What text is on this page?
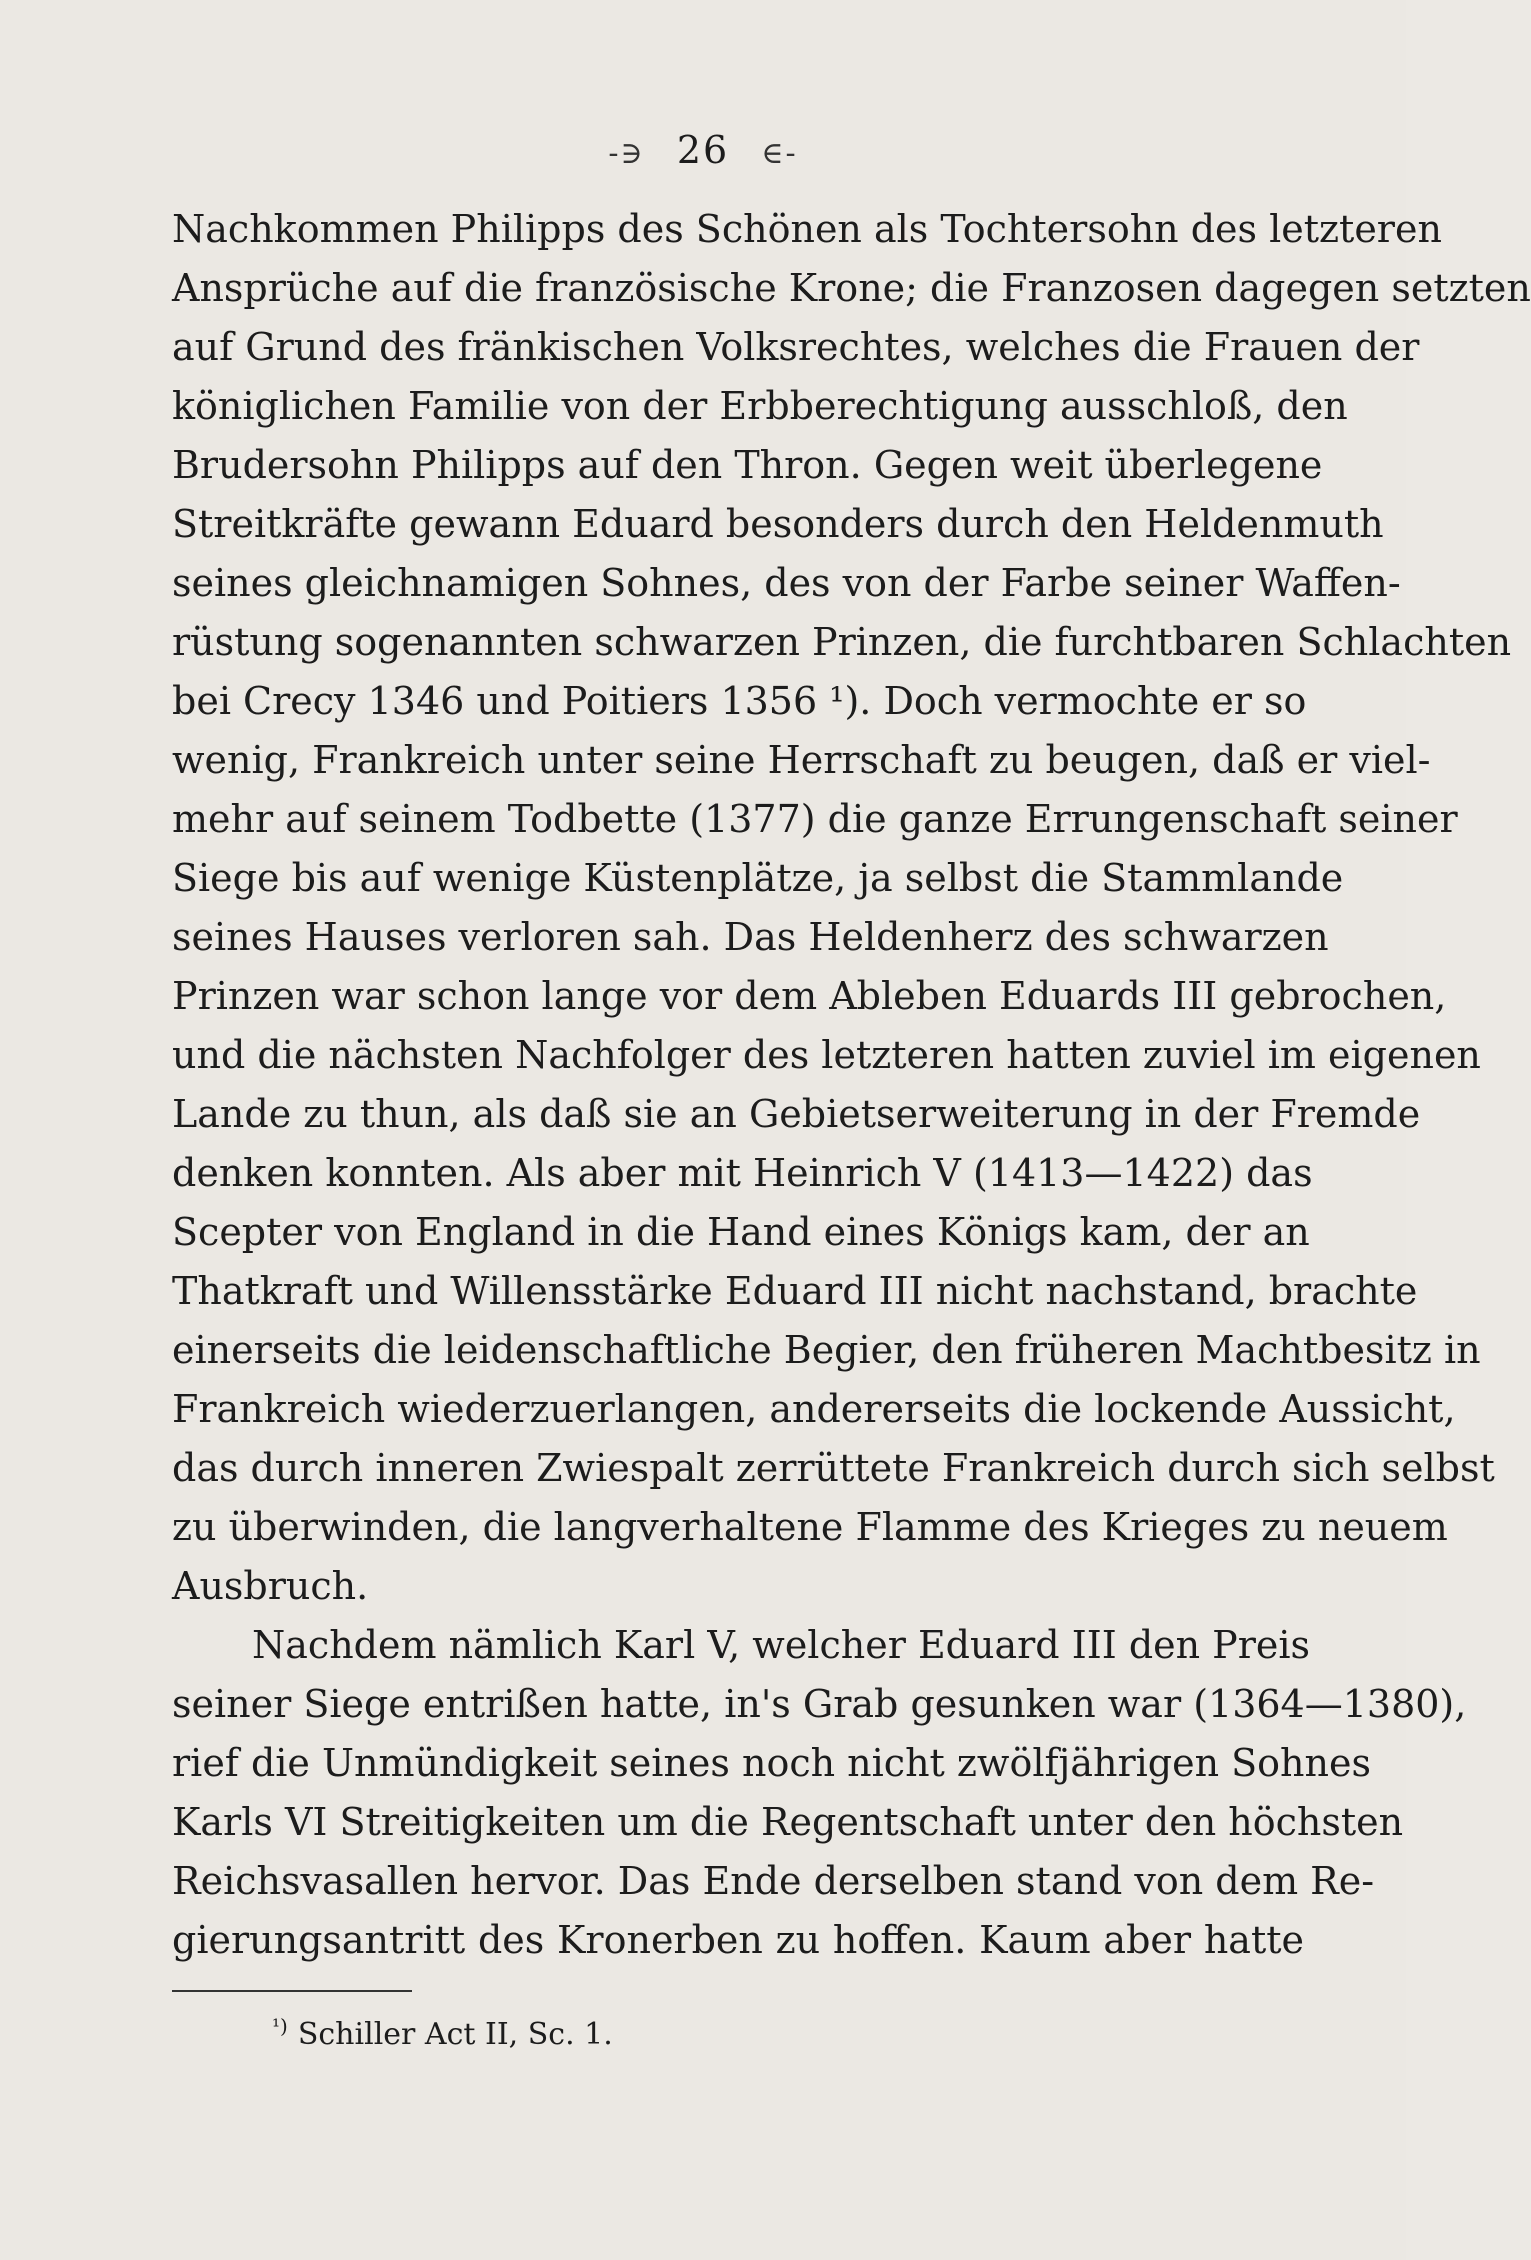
-∋ 26 ∈-
Nachkommen Philipps des Schönen als Tochtersohn des letzteren
Ansprüche auf die französische Krone; die Franzosen dagegen setzten
auf Grund des fränkischen Volksrechtes, welches die Frauen der
königlichen Familie von der Erbberechtigung ausschloß, den
Brudersohn Philipps auf den Thron. Gegen weit überlegene
Streitkräfte gewann Eduard besonders durch den Heldenmuth
seines gleichnamigen Sohnes, des von der Farbe seiner Waffen-
rüstung sogenannten schwarzen Prinzen, die furchtbaren Schlachten
bei Crecy 1346 und Poitiers 1356 ¹). Doch vermochte er so
wenig, Frankreich unter seine Herrschaft zu beugen, daß er viel-
mehr auf seinem Todbette (1377) die ganze Errungenschaft seiner
Siege bis auf wenige Küstenplätze, ja selbst die Stammlande
seines Hauses verloren sah. Das Heldenherz des schwarzen
Prinzen war schon lange vor dem Ableben Eduards III gebrochen,
und die nächsten Nachfolger des letzteren hatten zuviel im eigenen
Lande zu thun, als daß sie an Gebietserweiterung in der Fremde
denken konnten. Als aber mit Heinrich V (1413—1422) das
Scepter von England in die Hand eines Königs kam, der an
Thatkraft und Willensstärke Eduard III nicht nachstand, brachte
einerseits die leidenschaftliche Begier, den früheren Machtbesitz in
Frankreich wiederzuerlangen, andererseits die lockende Aussicht,
das durch inneren Zwiespalt zerrüttete Frankreich durch sich selbst
zu überwinden, die langverhaltene Flamme des Krieges zu neuem
Ausbruch.
Nachdem nämlich Karl V, welcher Eduard III den Preis
seiner Siege entrißen hatte, in's Grab gesunken war (1364—1380),
rief die Unmündigkeit seines noch nicht zwölfjährigen Sohnes
Karls VI Streitigkeiten um die Regentschaft unter den höchsten
Reichsvasallen hervor. Das Ende derselben stand von dem Re-
gierungsantritt des Kronerben zu hoffen. Kaum aber hatte
$^{^1)}$ Schiller Act II, Sc. 1.
